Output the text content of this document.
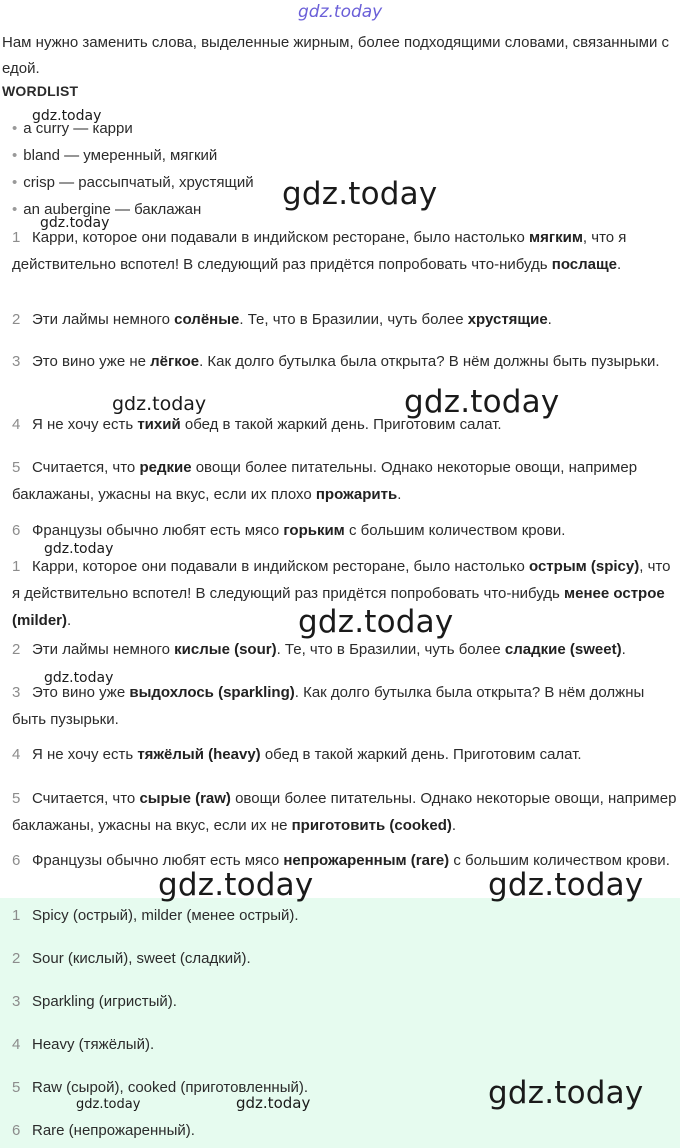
Нам нужно заменить слова, выделенные жирным, более подходящими словами, связанными с едой.
WORDLIST
• a curry — карри
• bland — умеренный, мягкий
• crisp — рассыпчатый, хрустящий
• an aubergine — баклажан
1 Карри, которое они подавали в индийском ресторане, было настолько мягким, что я действительно вспотел! В следующий раз придётся попробовать что-нибудь послаще.
2 Эти лаймы немного солёные. Те, что в Бразилии, чуть более хрустящие.
3 Это вино уже не лёгкое. Как долго бутылка была открыта? В нём должны быть пузырьки.
4 Я не хочу есть тихий обед в такой жаркий день. Приготовим салат.
5 Считается, что редкие овощи более питательны. Однако некоторые овощи, например баклажаны, ужасны на вкус, если их плохо прожарить.
6 Французы обычно любят есть мясо горьким с большим количеством крови.
1 Карри, которое они подавали в индийском ресторане, было настолько острым (spicy), что я действительно вспотел! В следующий раз придётся попробовать что-нибудь менее острое (milder).
2 Эти лаймы немного кислые (sour). Те, что в Бразилии, чуть более сладкие (sweet).
3 Это вино уже выдохлось (sparkling). Как долго бутылка была открыта? В нём должны быть пузырьки.
4 Я не хочу есть тяжёлый (heavy) обед в такой жаркий день. Приготовим салат.
5 Считается, что сырые (raw) овощи более питательны. Однако некоторые овощи, например баклажаны, ужасны на вкус, если их не приготовить (cooked).
6 Французы обычно любят есть мясо непрожаренным (rare) с большим количеством крови.
1 Spicy (острый), milder (менее острый).
2 Sour (кислый), sweet (сладкий).
3 Sparkling (игристый).
4 Heavy (тяжёлый).
5 Raw (сырой), cooked (приготовленный).
6 Rare (непрожаренный).
gdz.today
gdz.today
gdz.today
gdz.today
gdz.today	gdz.today
gdz.today
gdz.today
gdz.today
gdz.today	gdz.today
gdz.today
gdz.today	gdz.today
